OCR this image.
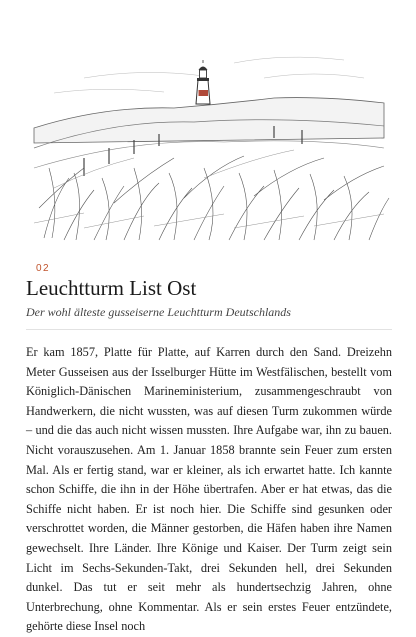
02
Leuchtturm List Ost

Der wohl älteste gusseiserne Leuchtturm Deutschlands

Er kam 1857, Platte für Platte, auf Karren durch den Sand. Dreizehn Meter Gusseisen aus der Isselburger Hütte im Westfälischen, bestellt vom Königlich-Dänischen Marineministerium, zusammengeschraubt von Handwerkern, die nicht wussten, was auf diesen Turm zukommen würde – und die das auch nicht wissen mussten. Ihre Aufgabe war, ihn zu bauen. Nicht vorauszusehen. Am 1. Januar 1858 brannte sein Feuer zum ersten Mal. Als er fertig stand, war er kleiner, als ich erwartet hatte. Ich kannte schon Schiffe, die ihn in der Höhe übertrafen. Aber er hat etwas, das die Schiffe nicht haben. Er ist noch hier. Die Schiffe sind gesunken oder verschrottet worden, die Männer gestorben, die Häfen haben ihre Namen gewechselt. Ihre Länder. Ihre Könige und Kaiser. Der Turm zeigt sein Licht im Sechs-Sekunden-Takt, drei Sekunden hell, drei Sekunden dunkel. Das tut er seit mehr als hundertsechzig Jahren, ohne Unterbrechung, ohne Kommentar. Als er sein erstes Feuer entzündete, gehörte diese Insel noch
